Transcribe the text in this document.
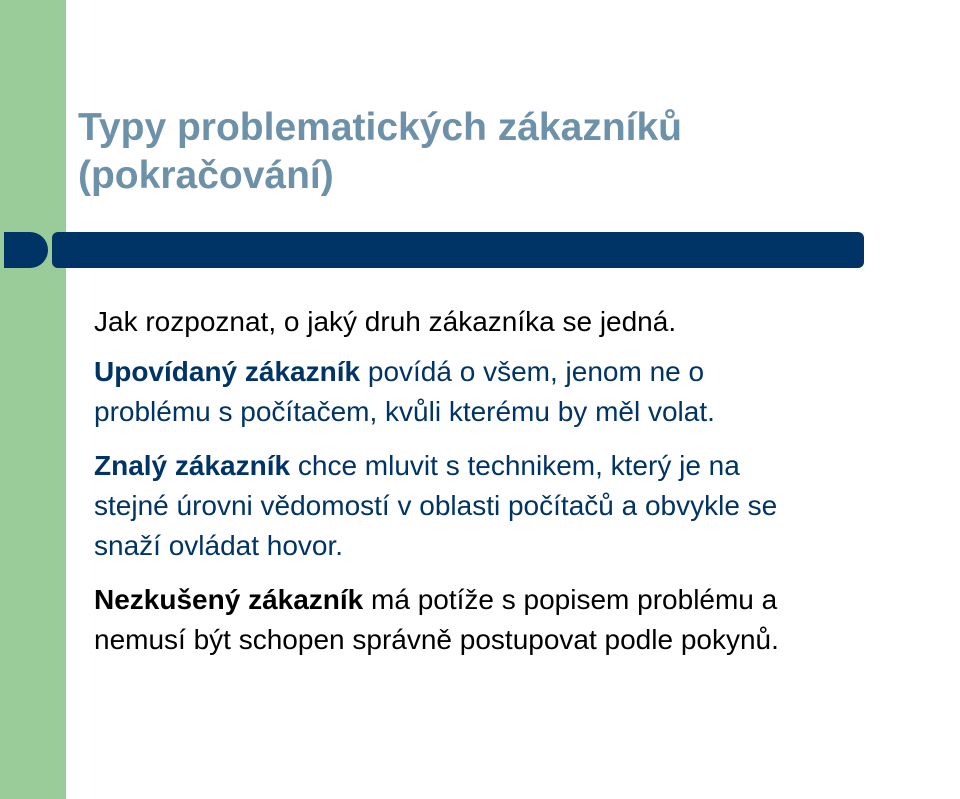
Typy problematických zákazníků
(pokračování)

Jak rozpoznat, o jaký druh zákazníka se jedná.

Upovídaný zákazník povídá o všem, jenom ne o
problému s počítačem, kvůli kterému by měl volat.

Znalý zákazník chce mluvit s technikem, který je na
stejné úrovni vědomostí v oblasti počítačů a obvykle se
snaží ovládat hovor.

Nezkušený zákazník má potíže s popisem problému a
nemusí být schopen správně postupovat podle pokynů.
